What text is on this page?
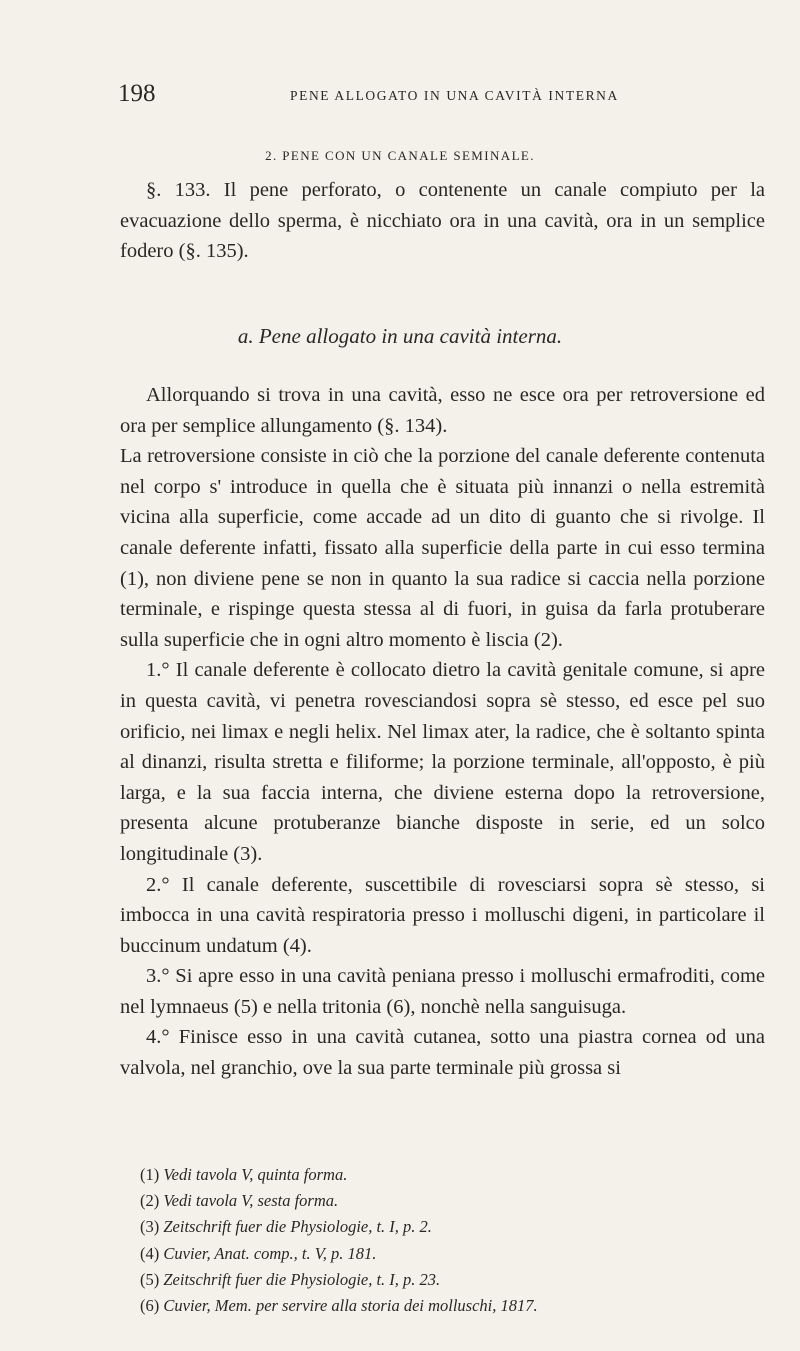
198	PENE ALLOGATO IN UNA CAVITÀ INTERNA
2. PENE CON UN CANALE SEMINALE.

§. 133. Il pene perforato, o contenente un canale compiuto per la evacuazione dello sperma, è nicchiato ora in una cavità, ora in un semplice fodero (§. 135).

a. Pene allogato in una cavità interna.

Allorquando si trova in una cavità, esso ne esce ora per retroversione ed ora per semplice allungamento (§. 134).

La retroversione consiste in ciò che la porzione del canale deferente contenuta nel corpo s' introduce in quella che è situata più innanzi o nella estremità vicina alla superficie, come accade ad un dito di guanto che si rivolge. Il canale deferente infatti, fissato alla superficie della parte in cui esso termina (1), non diviene pene se non in quanto la sua radice si caccia nella porzione terminale, e rispinge questa stessa al di fuori, in guisa da farla protuberare sulla superficie che in ogni altro momento è liscia (2).

1.° Il canale deferente è collocato dietro la cavità genitale comune, si apre in questa cavità, vi penetra rovesciandosi sopra sè stesso, ed esce pel suo orificio, nei limax e negli helix. Nel limax ater, la radice, che è soltanto spinta al dinanzi, risulta stretta e filiforme; la porzione terminale, all'opposto, è più larga, e la sua faccia interna, che diviene esterna dopo la retroversione, presenta alcune protuberanze bianche disposte in serie, ed un solco longitudinale (3).

2.° Il canale deferente, suscettibile di rovesciarsi sopra sè stesso, si imbocca in una cavità respiratoria presso i molluschi digeni, in particolare il buccinum undatum (4).

3.° Si apre esso in una cavità peniana presso i molluschi ermafroditi, come nel lymnaeus (5) e nella tritonia (6), nonchè nella sanguisuga.

4.° Finisce esso in una cavità cutanea, sotto una piastra cornea od una valvola, nel granchio, ove la sua parte terminale più grossa si

(1) Vedi tavola V, quinta forma.
(2) Vedi tavola V, sesta forma.
(3) Zeitschrift fuer die Physiologie, t. I, p. 2.
(4) Cuvier, Anat. comp., t. V, p. 181.
(5) Zeitschrift fuer die Physiologie, t. I, p. 23.
(6) Cuvier, Mem. per servire alla storia dei molluschi, 1817.
